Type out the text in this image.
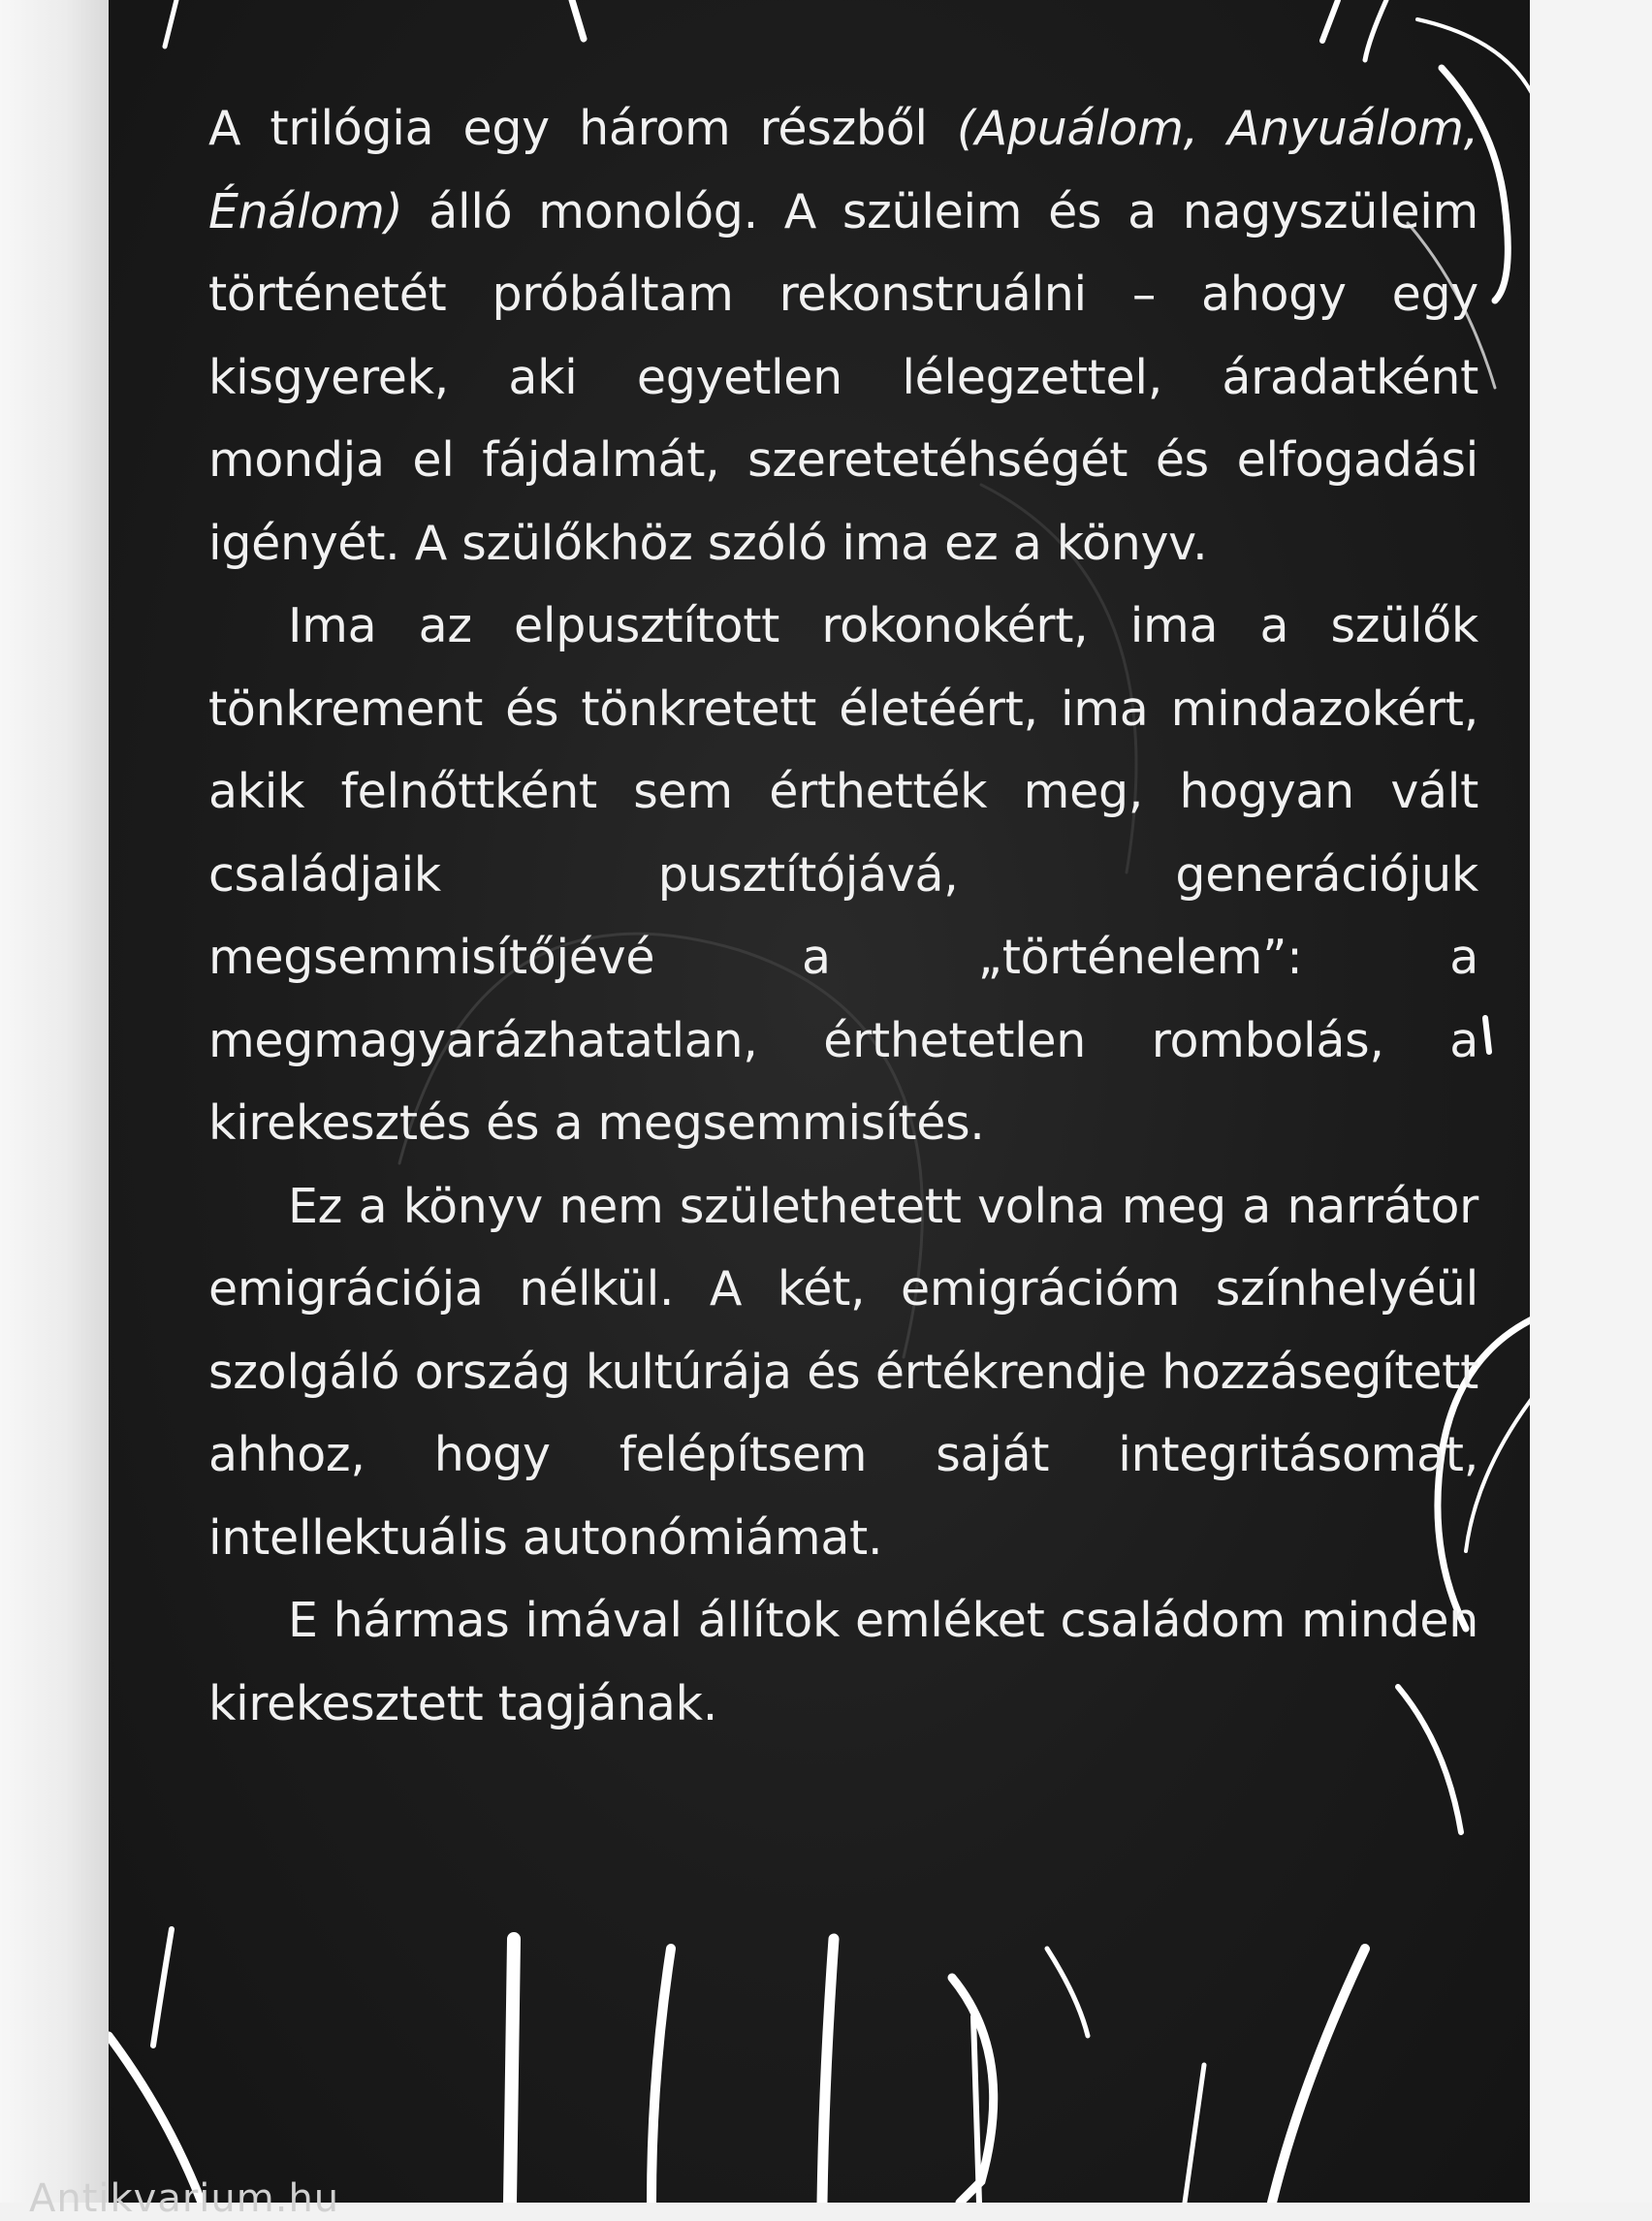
A trilógia egy három részből (Apuálom, Anyuálom, Énálom) álló monológ. A szüleim és a nagyszüleim történetét próbáltam rekonstruálni – ahogy egy kisgyerek, aki egyetlen lélegzettel, áradatként mondja el fájdalmát, szeretetéhségét és elfogadási igényét. A szülőkhöz szóló ima ez a könyv.

Ima az elpusztított rokonokért, ima a szülők tönkrement és tönkretett életéért, ima mindazokért, akik felnőttként sem érthették meg, hogyan vált családjaik pusztítójává, generációjuk megsemmisítőjévé a „történelem”: a megmagyarázhatatlan, érthetetlen rombolás, a kirekesztés és a megsemmisítés.

Ez a könyv nem születhetett volna meg a narrátor emigrációja nélkül. A két, emigrációm színhelyéül szolgáló ország kultúrája és értékrendje hozzásegített ahhoz, hogy felépítsem saját integritásomat, intellektuális autonómiámat.

E hármas imával állítok emléket családom minden kirekesztett tagjának.

Antikvarium.hu
